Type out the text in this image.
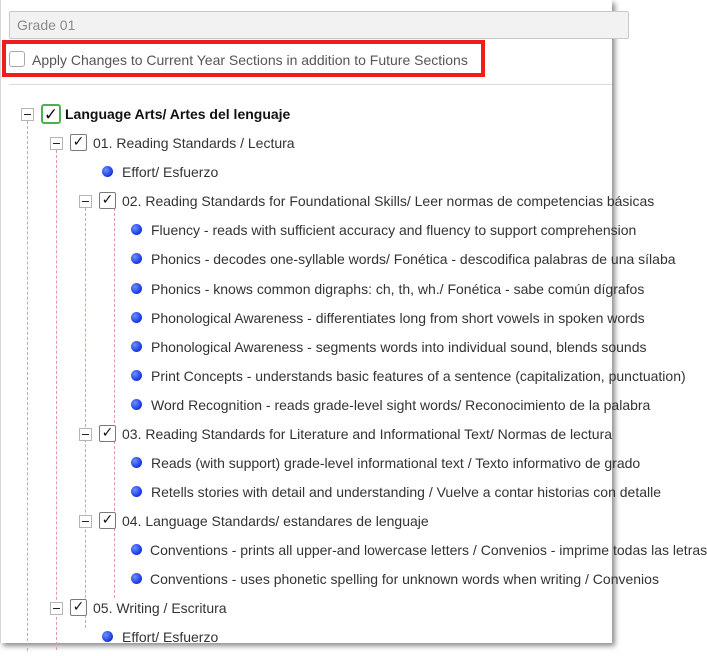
Grade 01
Apply Changes to Current Year Sections in addition to Future Sections
✓ Language Arts/ Artes del lenguaje
✓ 01. Reading Standards / Lectura
Effort/ Esfuerzo
✓ 02. Reading Standards for Foundational Skills/ Leer normas de competencias básicas
Fluency - reads with sufficient accuracy and fluency to support comprehension
Phonics - decodes one-syllable words/ Fonética - descodifica palabras de una sílaba
Phonics - knows common digraphs: ch, th, wh./ Fonética - sabe común dígrafos
Phonological Awareness - differentiates long from short vowels in spoken words
Phonological Awareness - segments words into individual sound, blends sounds
Print Concepts - understands basic features of a sentence (capitalization, punctuation)
Word Recognition - reads grade-level sight words/ Reconocimiento de la palabra
✓ 03. Reading Standards for Literature and Informational Text/ Normas de lectura
Reads (with support) grade-level informational text / Texto informativo de grado
Retells stories with detail and understanding / Vuelve a contar historias con detalle
✓ 04. Language Standards/ estandares de lenguaje
Conventions - prints all upper-and lowercase letters / Convenios - imprime todas las letras
Conventions - uses phonetic spelling for unknown words when writing / Convenios
✓ 05. Writing / Escritura
Effort/ Esfuerzo
